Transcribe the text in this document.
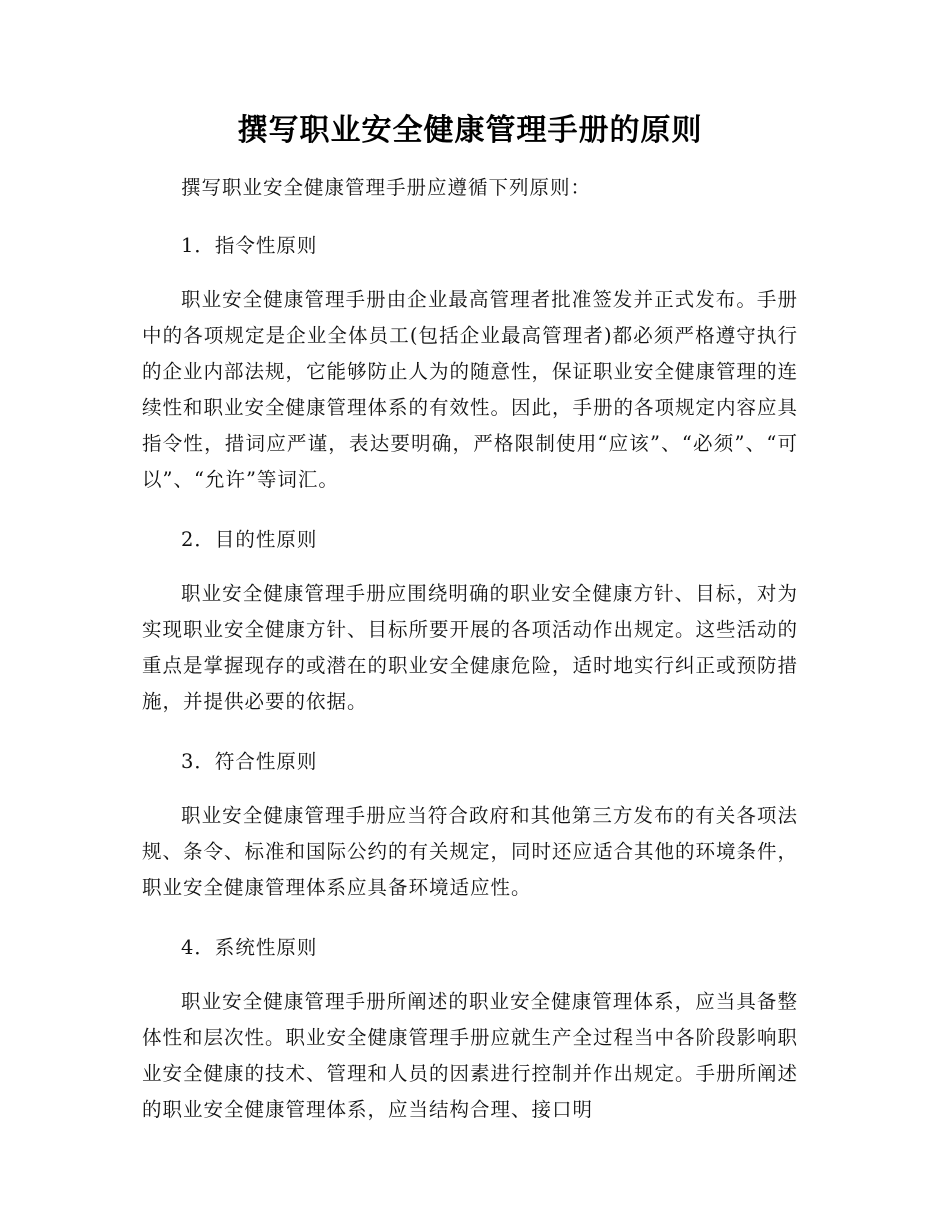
撰写职业安全健康管理手册的原则

撰写职业安全健康管理手册应遵循下列原则：

1．指令性原则

职业安全健康管理手册由企业最高管理者批准签发并正式发布。手册中的各项规定是企业全体员工(包括企业最高管理者)都必须严格遵守执行的企业内部法规，它能够防止人为的随意性，保证职业安全健康管理的连续性和职业安全健康管理体系的有效性。因此，手册的各项规定内容应具指令性，措词应严谨，表达要明确，严格限制使用“应该”、“必须”、“可以”、“允许”等词汇。

2．目的性原则

职业安全健康管理手册应围绕明确的职业安全健康方针、目标，对为实现职业安全健康方针、目标所要开展的各项活动作出规定。这些活动的重点是掌握现存的或潜在的职业安全健康危险，适时地实行纠正或预防措施，并提供必要的依据。

3．符合性原则

职业安全健康管理手册应当符合政府和其他第三方发布的有关各项法规、条令、标准和国际公约的有关规定，同时还应适合其他的环境条件，职业安全健康管理体系应具备环境适应性。

4．系统性原则

职业安全健康管理手册所阐述的职业安全健康管理体系，应当具备整体性和层次性。职业安全健康管理手册应就生产全过程当中各阶段影响职业安全健康的技术、管理和人员的因素进行控制并作出规定。手册所阐述的职业安全健康管理体系，应当结构合理、接口明
